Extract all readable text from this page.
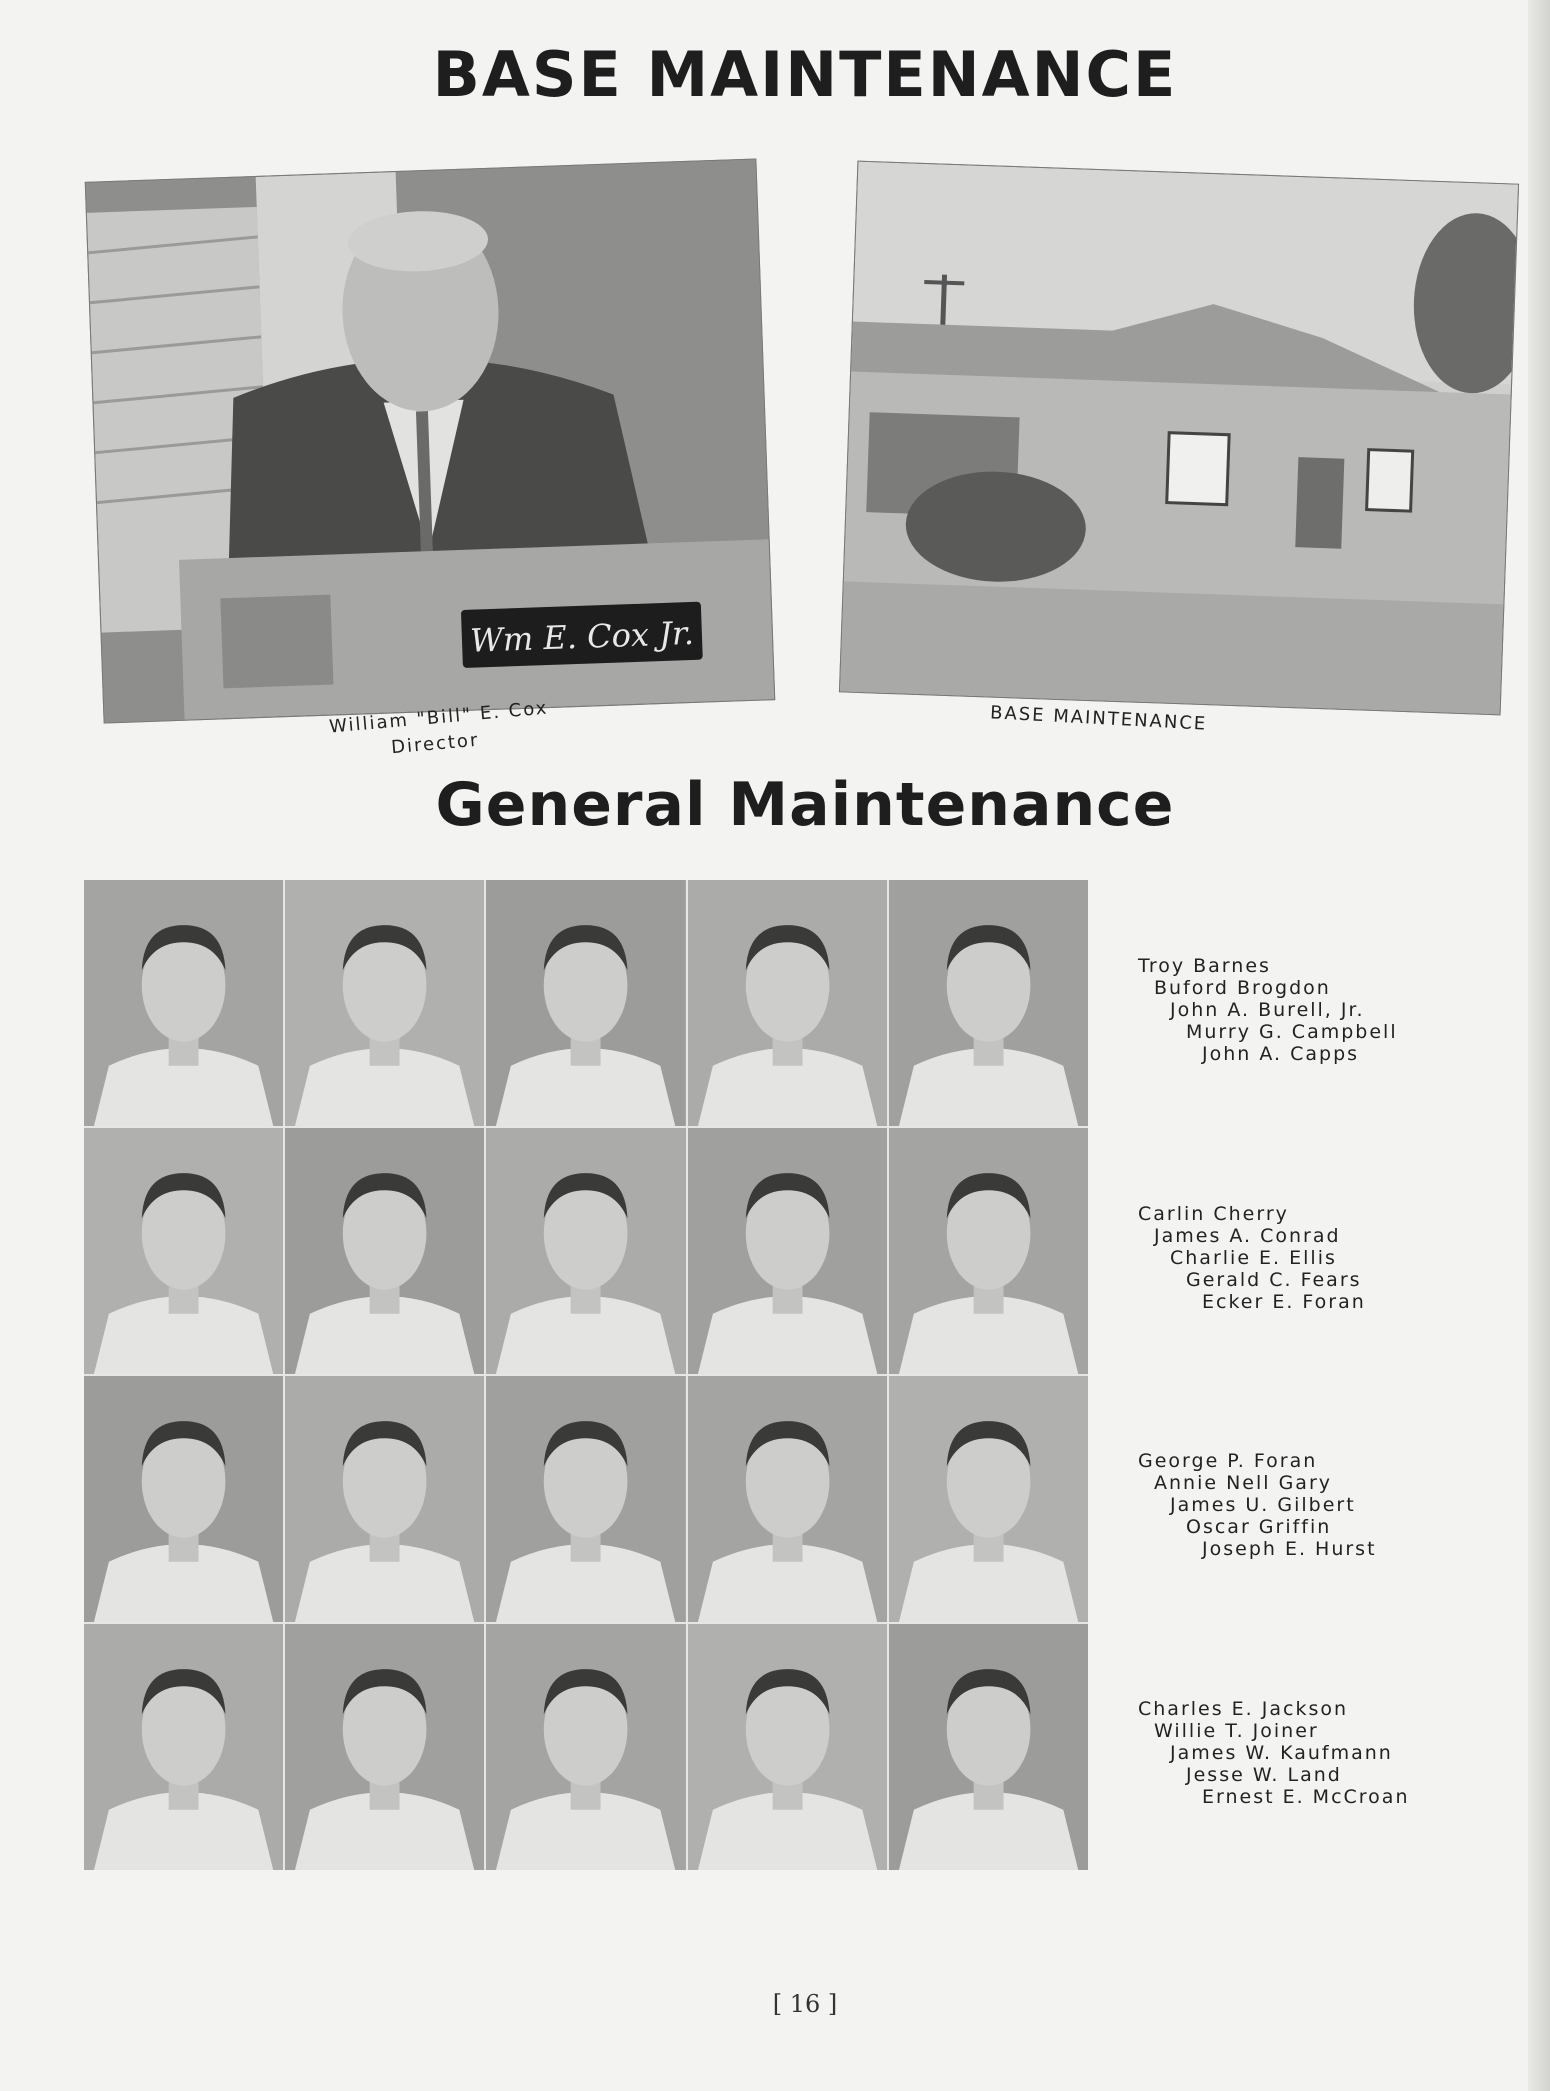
BASE MAINTENANCE
Wm E. Cox Jr.
William "Bill" E. Cox
Director
BASE MAINTENANCE
General Maintenance
Troy Barnes
Buford Brogdon
John A. Burell, Jr.
Murry G. Campbell
John A. Capps
Carlin Cherry
James A. Conrad
Charlie E. Ellis
Gerald C. Fears
Ecker E. Foran
George P. Foran
Annie Nell Gary
James U. Gilbert
Oscar Griffin
Joseph E. Hurst
Charles E. Jackson
Willie T. Joiner
James W. Kaufmann
Jesse W. Land
Ernest E. McCroan
[ 16 ]
